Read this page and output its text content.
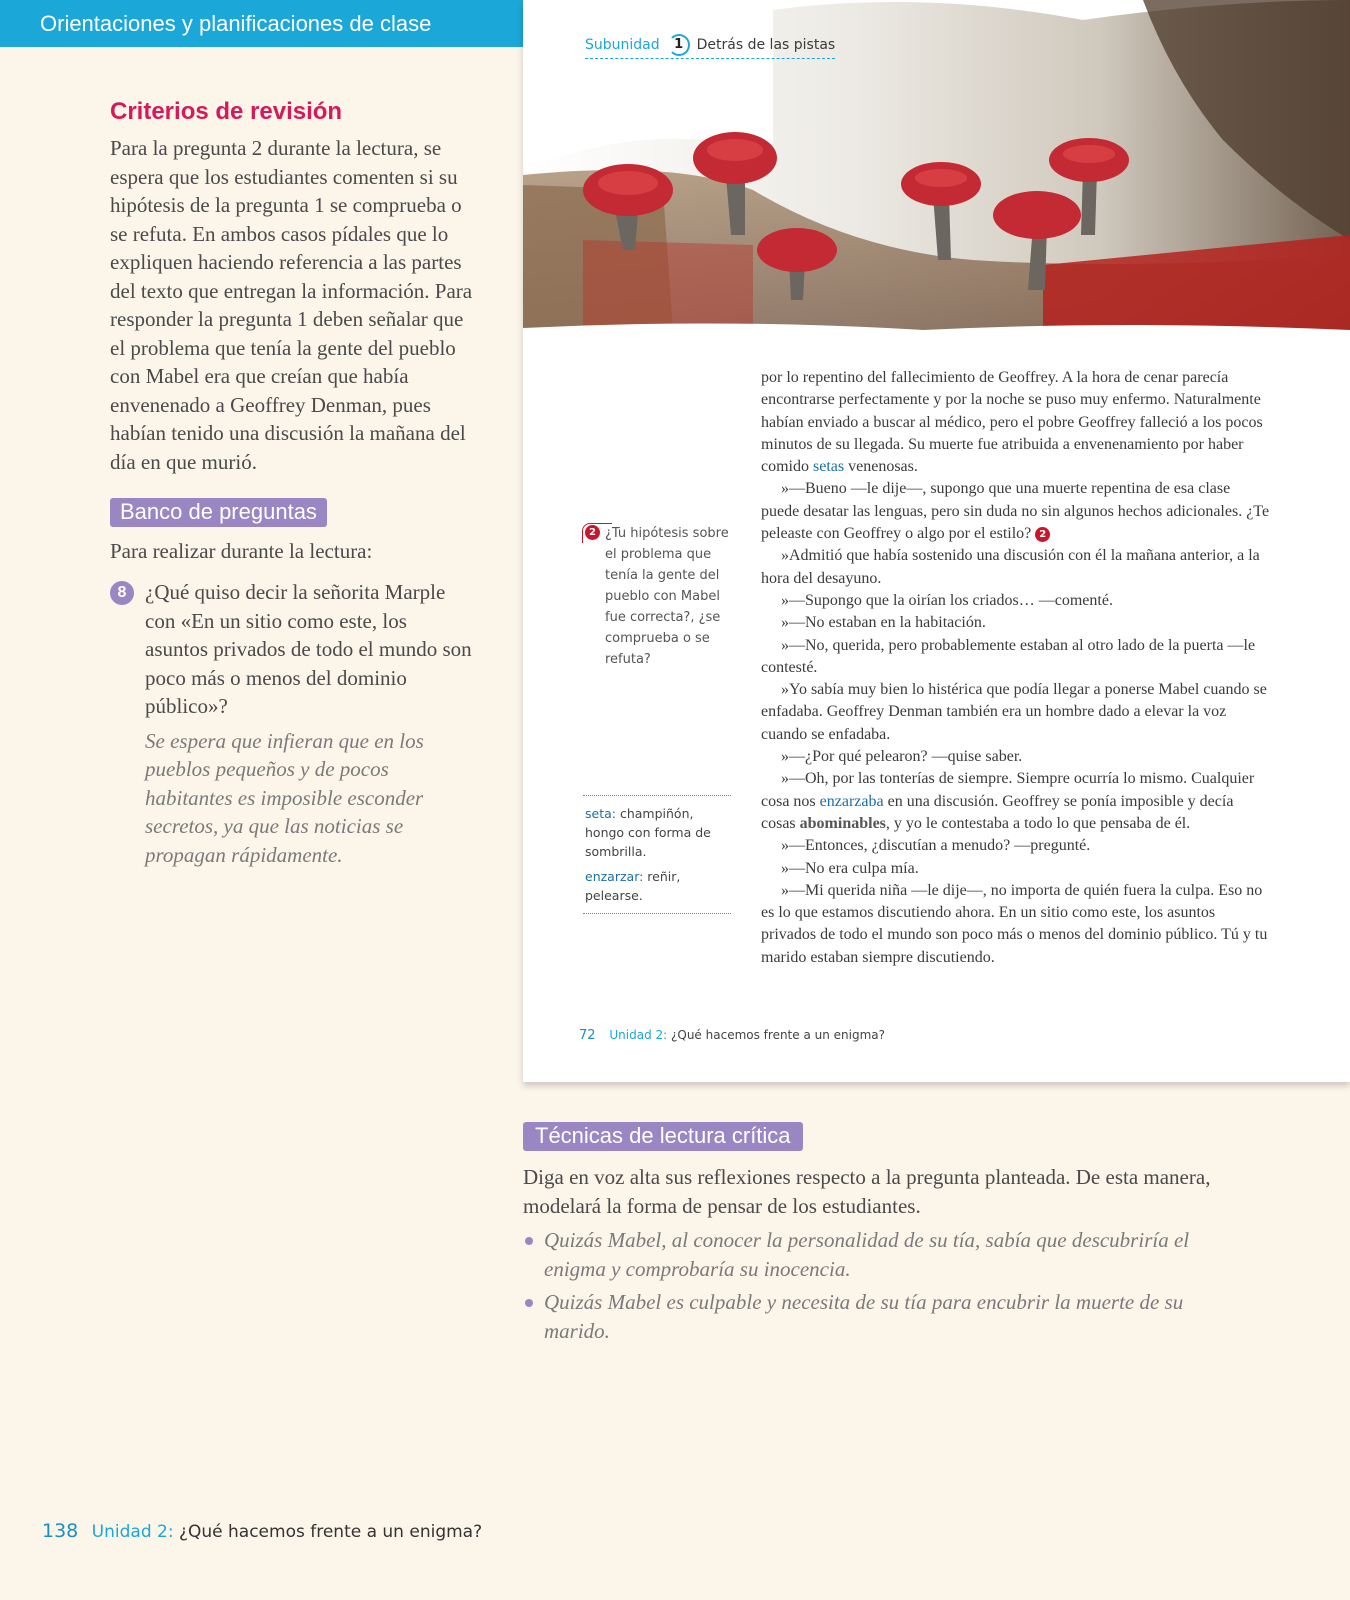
Orientaciones y planificaciones de clase
Criterios de revisión

Para la pregunta 2 durante la lectura, se espera que los estudiantes comenten si su hipótesis de la pregunta 1 se comprueba o se refuta. En ambos casos pídales que lo expliquen haciendo referencia a las partes del texto que entregan la información. Para responder la pregunta 1 deben señalar que el problema que tenía la gente del pueblo con Mabel era que creían que había envenenado a Geoffrey Denman, pues habían tenido una discusión la mañana del día en que murió.

Banco de preguntas

Para realizar durante la lectura:

8 ¿Qué quiso decir la señorita Marple con «En un sitio como este, los asuntos privados de todo el mundo son poco más o menos del dominio público»?

Se espera que infieran que en los pueblos pequeños y de pocos habitantes es imposible esconder secretos, ya que las noticias se propagan rápidamente.

Subunidad	1 Detrás de las pistas
2 ¿Tu hipótesis sobre el problema que tenía la gente del pueblo con Mabel fue correcta?, ¿se comprueba o se refuta?

seta: champiñón, hongo con forma de sombrilla.

enzarzar: reñir, pelearse.

por lo repentino del fallecimiento de Geoffrey. A la hora de cenar parecía encontrarse perfectamente y por la noche se puso muy enfermo. Naturalmente habían enviado a buscar al médico, pero el pobre Geoffrey falleció a los pocos minutos de su llegada. Su muerte fue atribuida a envenenamiento por haber comido setas venenosas.

»—Bueno —le dije—, supongo que una muerte repentina de esa clase puede desatar las lenguas, pero sin duda no sin algunos hechos adicionales. ¿Te peleaste con Geoffrey o algo por el estilo? 2

»Admitió que había sostenido una discusión con él la mañana anterior, a la hora del desayuno.

»—Supongo que la oirían los criados… —comenté.

»—No estaban en la habitación.

»—No, querida, pero probablemente estaban al otro lado de la puerta —le contesté.

»Yo sabía muy bien lo histérica que podía llegar a ponerse Mabel cuando se enfadaba. Geoffrey Denman también era un hombre dado a elevar la voz cuando se enfadaba.

»—¿Por qué pelearon? —quise saber.

»—Oh, por las tonterías de siempre. Siempre ocurría lo mismo. Cualquier cosa nos enzarzaba en una discusión. Geoffrey se ponía imposible y decía cosas abominables, y yo le contestaba a todo lo que pensaba de él.

»—Entonces, ¿discutían a menudo? —pregunté.

»—No era culpa mía.

»—Mi querida niña —le dije—, no importa de quién fuera la culpa. Eso no es lo que estamos discutiendo ahora. En un sitio como este, los asuntos privados de todo el mundo son poco más o menos del dominio público. Tú y tu marido estaban siempre discutiendo.

72 Unidad 2: ¿Qué hacemos frente a un enigma?
Técnicas de lectura crítica

Diga en voz alta sus reflexiones respecto a la pregunta planteada. De esta manera, modelará la forma de pensar de los estudiantes.

Quizás Mabel, al conocer la personalidad de su tía, sabía que descubriría el enigma y comprobaría su inocencia.
Quizás Mabel es culpable y necesita de su tía para encubrir la muerte de su marido.
138 Unidad 2: ¿Qué hacemos frente a un enigma?
